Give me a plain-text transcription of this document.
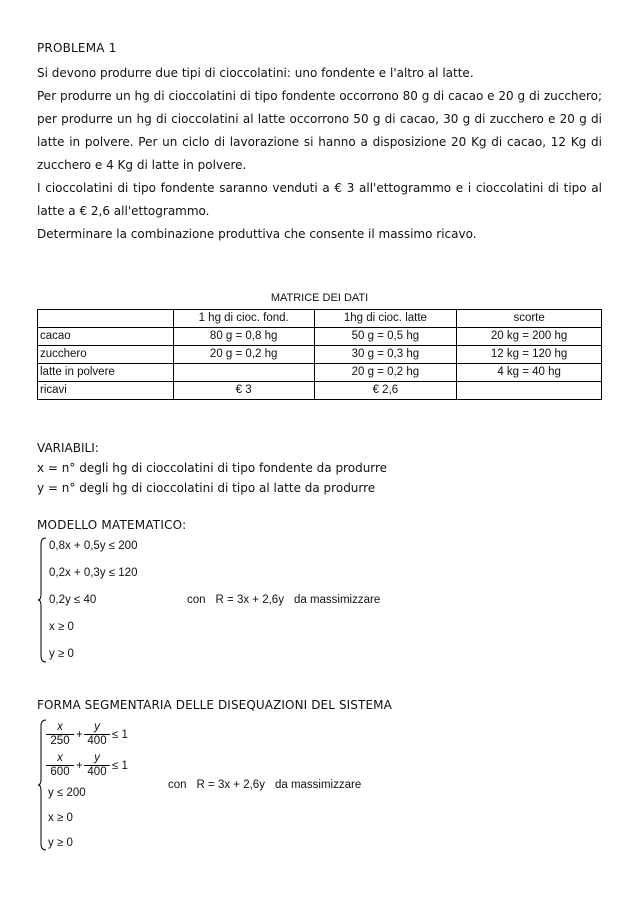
PROBLEMA 1

Si devono produrre due tipi di cioccolatini: uno fondente e l'altro al latte.

Per produrre un hg di cioccolatini di tipo fondente occorrono 80 g di cacao e 20 g di zucchero; per produrre un hg di cioccolatini al latte occorrono 50 g di cacao, 30 g di zucchero e 20 g di latte in polvere. Per un ciclo di lavorazione si hanno a disposizione 20 Kg di cacao, 12 Kg di zucchero e 4 Kg di latte in polvere.

I cioccolatini di tipo fondente saranno venduti a € 3 all'ettogrammo e i cioccolatini di tipo al latte a € 2,6 all'ettogrammo.

Determinare la combinazione produttiva che consente il massimo ricavo.

MATRICE DEI DATI
	1 hg di cioc. fond.	1hg di cioc. latte	scorte
cacao	80 g = 0,8 hg	50 g = 0,5 hg	20 kg = 200 hg
zucchero	20 g = 0,2 hg	30 g = 0,3 hg	12 kg = 120 hg
latte in polvere		20 g = 0,2 hg	4 kg = 40 hg
ricavi	€ 3	€ 2,6	
VARIABILI:
x = n° degli hg di cioccolatini di tipo fondente da produrre
y = n° degli hg di cioccolatini di tipo al latte da produrre
MODELLO MATEMATICO:
0,8x + 0,5y ≤ 200
0,2x + 0,3y ≤ 120
0,2y ≤ 40
x ≥ 0
y ≥ 0
con R = 3x + 2,6y da massimizzare
FORMA SEGMENTARIA DELLE DISEQUAZIONI DEL SISTEMA
$\frac{x}{250} + \frac{y}{400} \le 1$
$\frac{x}{600} + \frac{y}{400} \le 1$
y ≤ 200
x ≥ 0
y ≥ 0
con R = 3x + 2,6y da massimizzare
